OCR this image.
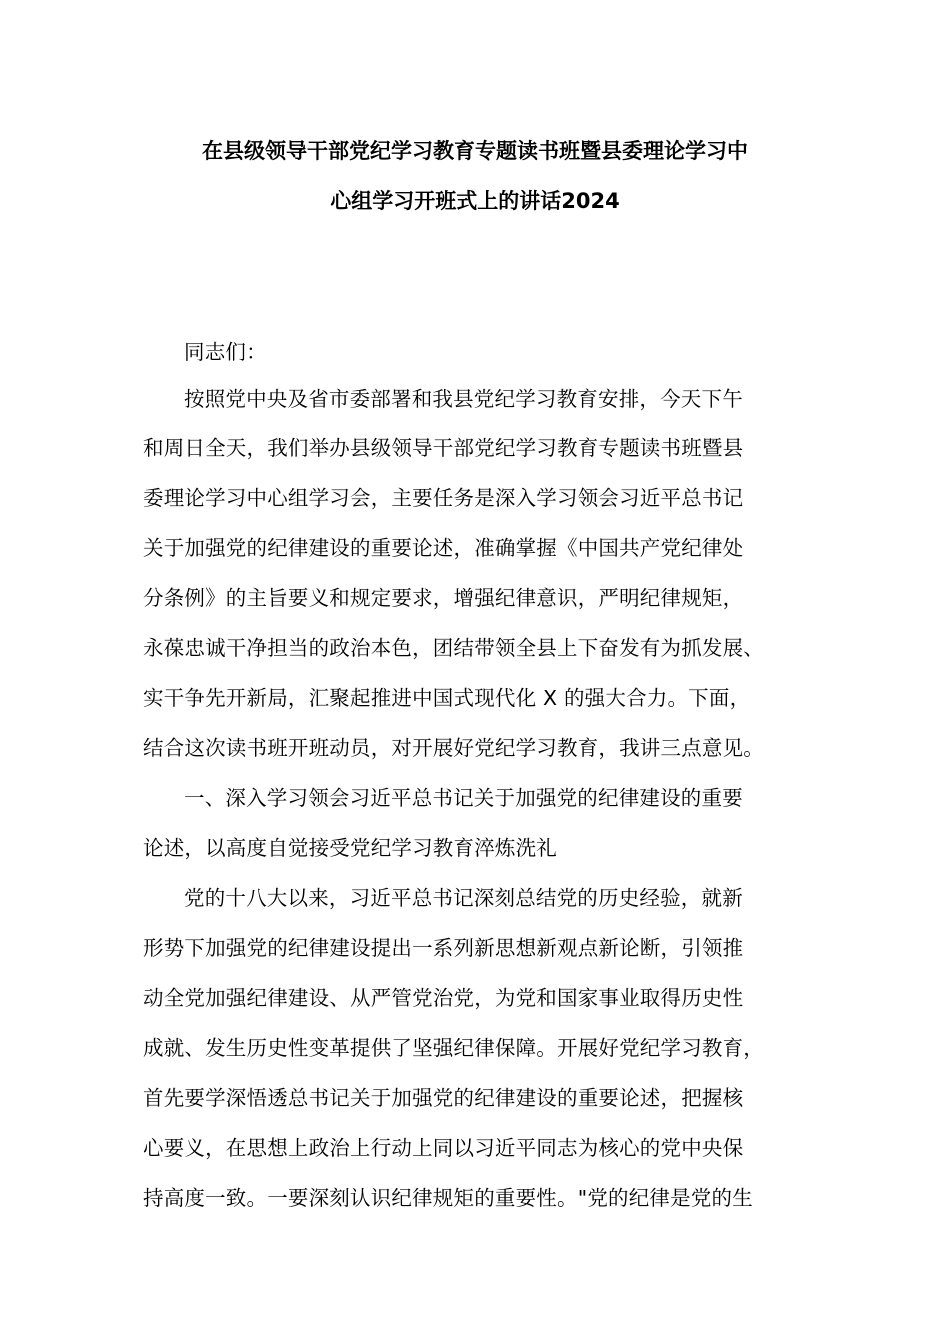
在县级领导干部党纪学习教育专题读书班暨县委理论学习中
心组学习开班式上的讲话2024
同志们：
按照党中央及省市委部署和我县党纪学习教育安排，今天下午
和周日全天，我们举办县级领导干部党纪学习教育专题读书班暨县
委理论学习中心组学习会，主要任务是深入学习领会习近平总书记
关于加强党的纪律建设的重要论述，准确掌握《中国共产党纪律处
分条例》的主旨要义和规定要求，增强纪律意识，严明纪律规矩，
永葆忠诚干净担当的政治本色，团结带领全县上下奋发有为抓发展、
实干争先开新局，汇聚起推进中国式现代化 X 的强大合力。下面，
结合这次读书班开班动员，对开展好党纪学习教育，我讲三点意见。
一、深入学习领会习近平总书记关于加强党的纪律建设的重要
论述，以高度自觉接受党纪学习教育淬炼洗礼
党的十八大以来，习近平总书记深刻总结党的历史经验，就新
形势下加强党的纪律建设提出一系列新思想新观点新论断，引领推
动全党加强纪律建设、从严管党治党，为党和国家事业取得历史性
成就、发生历史性变革提供了坚强纪律保障。开展好党纪学习教育，
首先要学深悟透总书记关于加强党的纪律建设的重要论述，把握核
心要义，在思想上政治上行动上同以习近平同志为核心的党中央保
持高度一致。一要深刻认识纪律规矩的重要性。"党的纪律是党的生
